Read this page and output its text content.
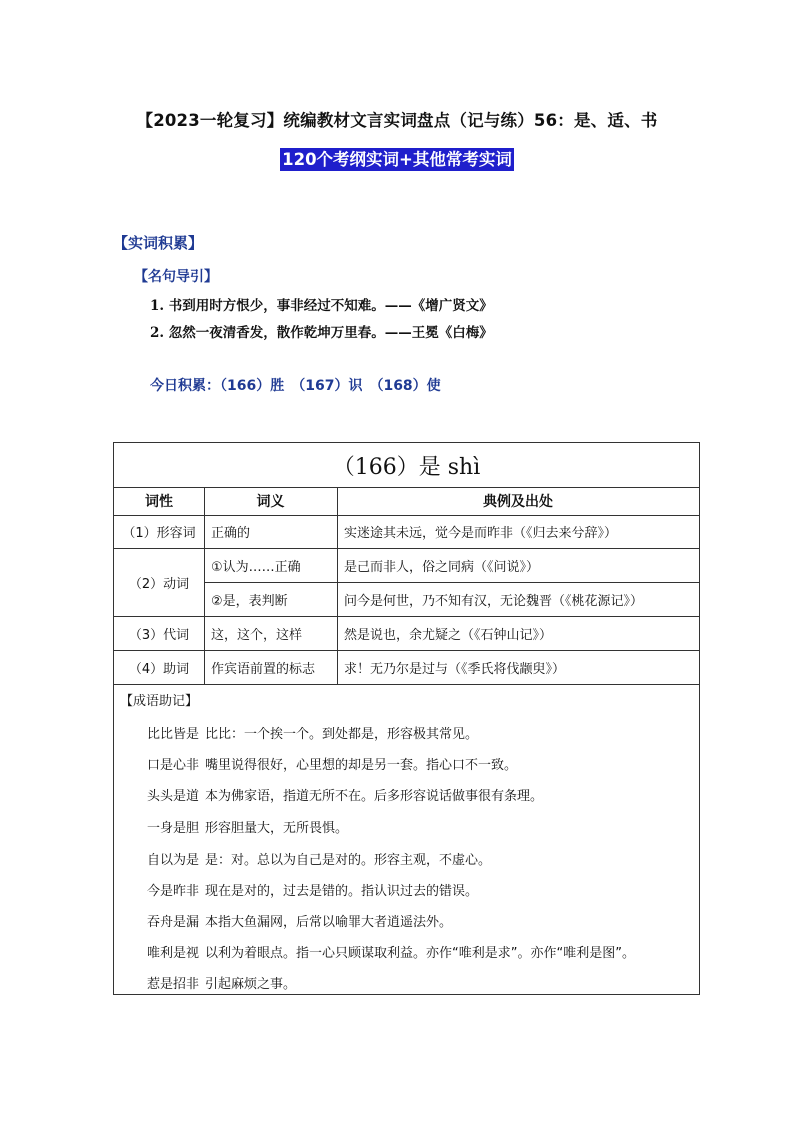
【2023一轮复习】统编教材文言实词盘点（记与练）56：是、适、书
120个考纲实词+其他常考实词
【实词积累】
【名句导引】
1. 书到用时方恨少，事非经过不知难。——《增广贤文》
2. 忽然一夜清香发，散作乾坤万里春。——王冕《白梅》
今日积累：（166）胜　（167）识　（168）使
（166）是 shì
词性	词义	典例及出处
（1）形容词	正确的	实迷途其未远，觉今是而昨非（《归去来兮辞》）
（2）动词
①认为……正确	是己而非人，俗之同病（《问说》）
②是，表判断	问今是何世，乃不知有汉，无论魏晋（《桃花源记》）
（3）代词	这，这个，这样	然是说也，余尤疑之（《石钟山记》）
（4）助词	作宾语前置的标志	求！无乃尔是过与（《季氏将伐颛臾》）
【成语助记】
比比皆是 比比：一个挨一个。到处都是，形容极其常见。
口是心非 嘴里说得很好，心里想的却是另一套。指心口不一致。
头头是道 本为佛家语，指道无所不在。后多形容说话做事很有条理。
一身是胆 形容胆量大，无所畏惧。
自以为是 是：对。总以为自己是对的。形容主观，不虚心。
今是昨非 现在是对的，过去是错的。指认识过去的错误。
吞舟是漏 本指大鱼漏网，后常以喻罪大者逍遥法外。
唯利是视 以利为着眼点。指一心只顾谋取利益。亦作“唯利是求”。亦作“唯利是图”。
惹是招非 引起麻烦之事。
